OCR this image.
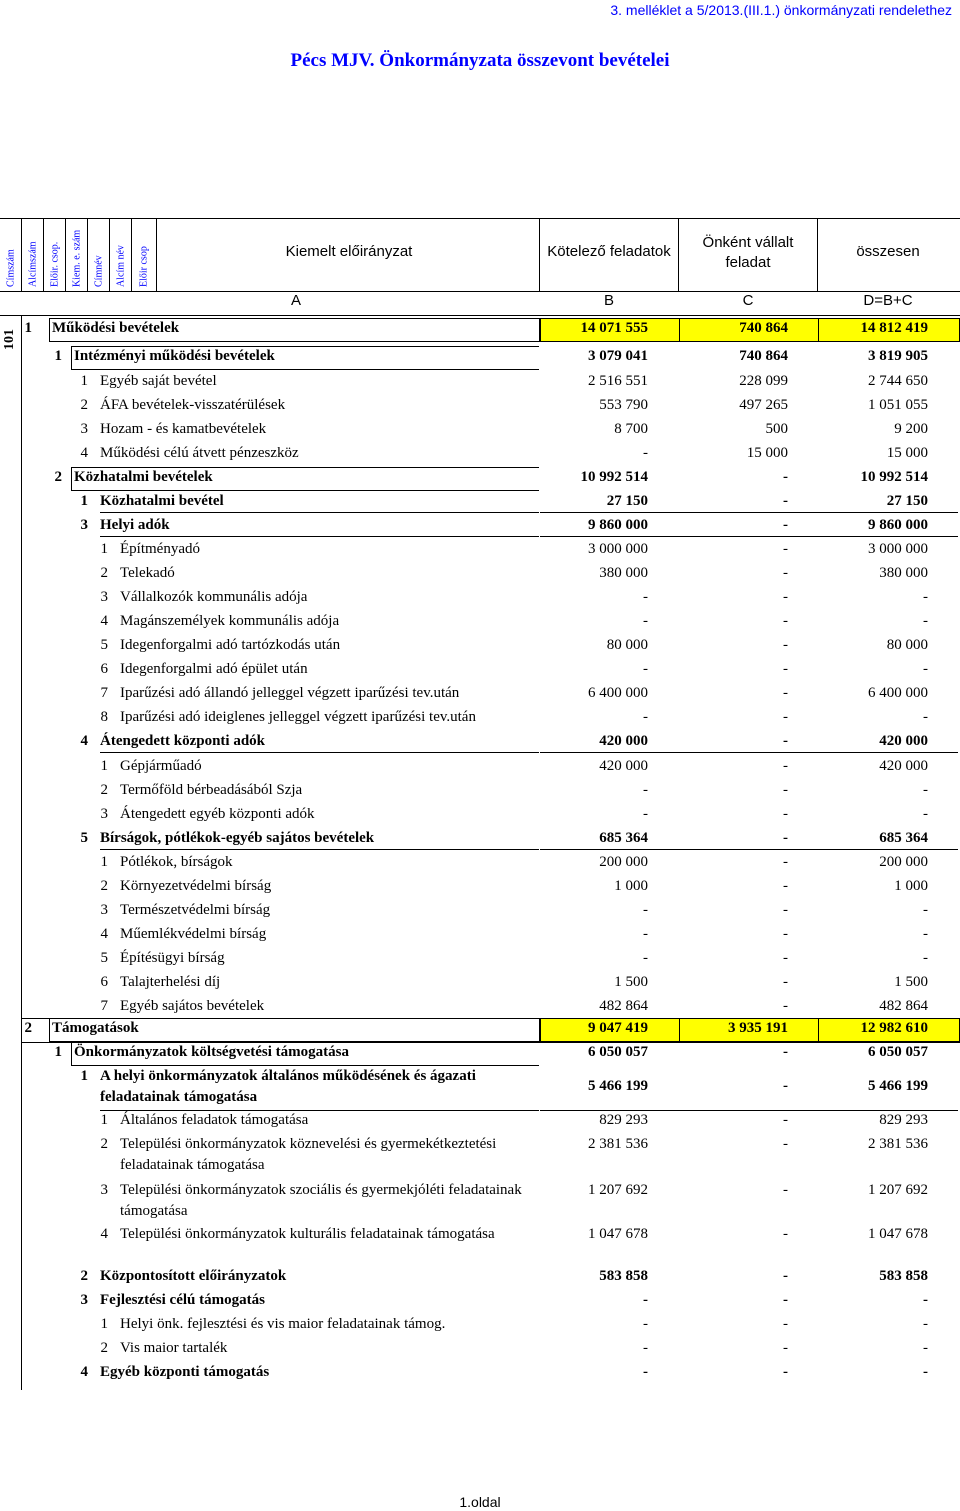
3. melléklet a 5/2013.(III.1.) önkormányzati rendelethez
Pécs MJV. Önkormányzata összevont bevételei
Címszám Alcímszám Előir. csop. Kiem. e. szám Címnév Alcím név Előir csop	Kiemelt előirányzat	Kötelező feladatok
Önként vállalt feladat
összesen
A	B	C	D=B+C
101
1 Működési bevételek	14 071 555	740 864	14 812 419
1 Intézményi működési bevételek	3 079 041	740 864	3 819 905
1 Egyéb saját bevétel	2 516 551	228 099	2 744 650
2 ÁFA bevételek-visszatérülések	553 790	497 265	1 051 055
3 Hozam - és kamatbevételek	8 700	500	9 200
4 Működési célú átvett pénzeszköz	-	15 000	15 000
2 Közhatalmi bevételek	10 992 514	-	10 992 514
1 Közhatalmi bevétel	27 150	-	27 150
3 Helyi adók	9 860 000	-	9 860 000
1 Építményadó	3 000 000	-	3 000 000
2 Telekadó	380 000	-	380 000
3 Vállalkozók kommunális adója	-	-	-
4 Magánszemélyek kommunális adója	-	-	-
5 Idegenforgalmi adó tartózkodás után	80 000	-	80 000
6 Idegenforgalmi adó épület után	-	-	-
7 Iparűzési adó állandó jelleggel végzett iparűzési tev.után	6 400 000	-	6 400 000
8 Iparűzési adó ideiglenes jelleggel végzett iparűzési tev.után	-	-	-
4 Átengedett központi adók	420 000	-	420 000
1 Gépjárműadó	420 000	-	420 000
2 Termőföld bérbeadásából Szja	-	-	-
3 Átengedett egyéb központi adók	-	-	-
5 Bírságok, pótlékok-egyéb sajátos bevételek	685 364	-	685 364
1 Pótlékok, bírságok	200 000	-	200 000
2 Környezetvédelmi bírság	1 000	-	1 000
3 Természetvédelmi bírság	-	-	-
4 Műemlékvédelmi bírság	-	-	-
5 Építésügyi bírság	-	-	-
6 Talajterhelési díj	1 500	-	1 500
7 Egyéb sajátos bevételek	482 864	-	482 864
2 Támogatások	9 047 419	3 935 191	12 982 610
1 Önkormányzatok költségvetési támogatása	6 050 057	-	6 050 057
1 A helyi önkormányzatok általános működésének és ágazati feladatainak támogatása
5 466 199	-	5 466 199
1 Általános feladatok támogatása	829 293	-	829 293
2 Települési önkormányzatok köznevelési és gyermekétkeztetési feladatainak támogatása
2 381 536	-	2 381 536
3 Települési önkormányzatok szociális és gyermekjóléti feladatainak támogatása
1 207 692	-	1 207 692
4 Települési önkormányzatok kulturális feladatainak támogatása	1 047 678	-	1 047 678
2 Központosított előirányzatok	583 858	-	583 858
3 Fejlesztési célú támogatás	-	-	-
1 Helyi önk. fejlesztési és vis maior feladatainak támog.	-	-	-
2 Vis maior tartalék	-	-	-
4 Egyéb központi támogatás	-	-	-
1.oldal
